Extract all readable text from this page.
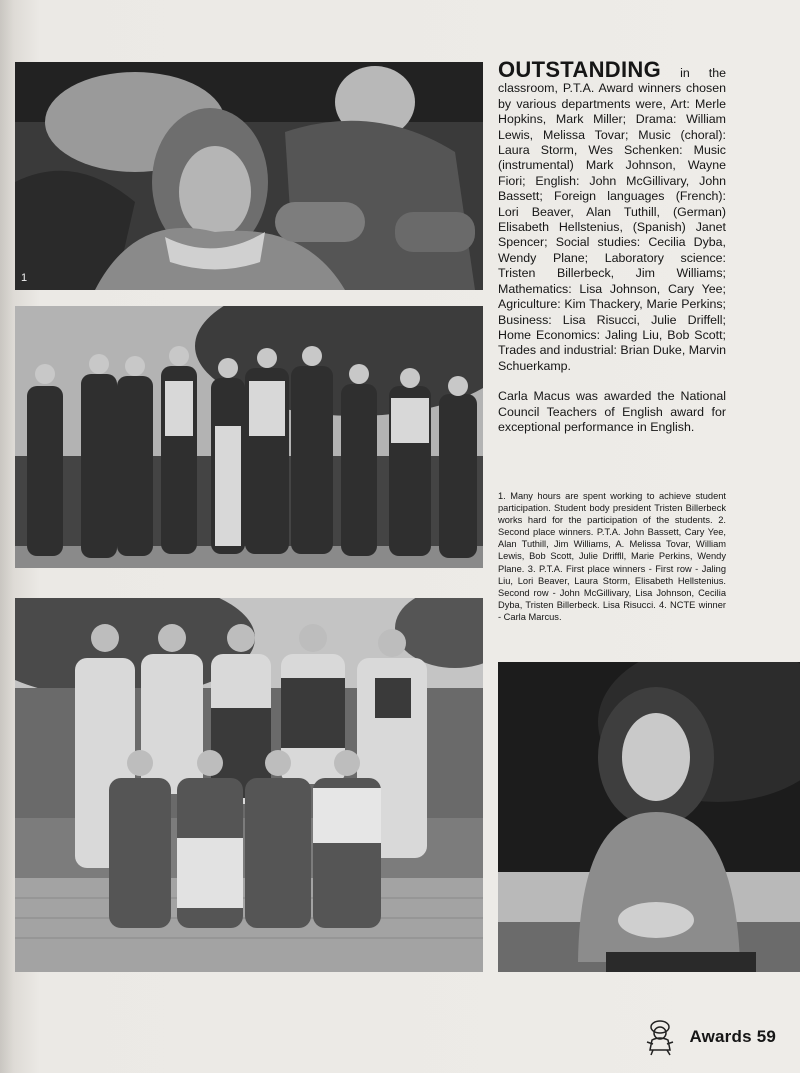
1

OUTSTANDING in the classroom, P.T.A. Award winners chosen by various departments were, Art: Merle Hopkins, Mark Miller; Drama: William Lewis, Melissa Tovar; Music (choral): Laura Storm, Wes Schenken: Music (instrumental) Mark Johnson, Wayne Fiori; English: John McGillivary, John Bassett; Foreign languages (French): Lori Beaver, Alan Tuthill, (German) Elisabeth Hellstenius, (Spanish) Janet Spencer; Social studies: Cecilia Dyba, Wendy Plane; Laboratory science: Tristen Billerbeck, Jim Williams; Mathematics: Lisa Johnson, Cary Yee; Agriculture: Kim Thackery, Marie Perkins; Business: Lisa Risucci, Julie Driffell; Home Economics: Jaling Liu, Bob Scott; Trades and industrial: Brian Duke, Marvin Schuerkamp.

Carla Macus was awarded the National Council Teachers of English award for exceptional performance in English.

1. Many hours are spent working to achieve student participation. Student body president Tristen Billerbeck works hard for the participation of the students. 2. Second place winners. P.T.A. John Bassett, Cary Yee, Alan Tuthill, Jim Williams, A. Melissa Tovar, William Lewis, Bob Scott, Julie Driffll, Marie Perkins, Wendy Plane. 3. P.T.A. First place winners - First row - Jaling Liu, Lori Beaver, Laura Storm, Elisabeth Hellstenius. Second row - John McGillivary, Lisa Johnson, Cecilia Dyba, Tristen Billerbeck. Lisa Risucci. 4. NCTE winner - Carla Marcus.
Awards 59
